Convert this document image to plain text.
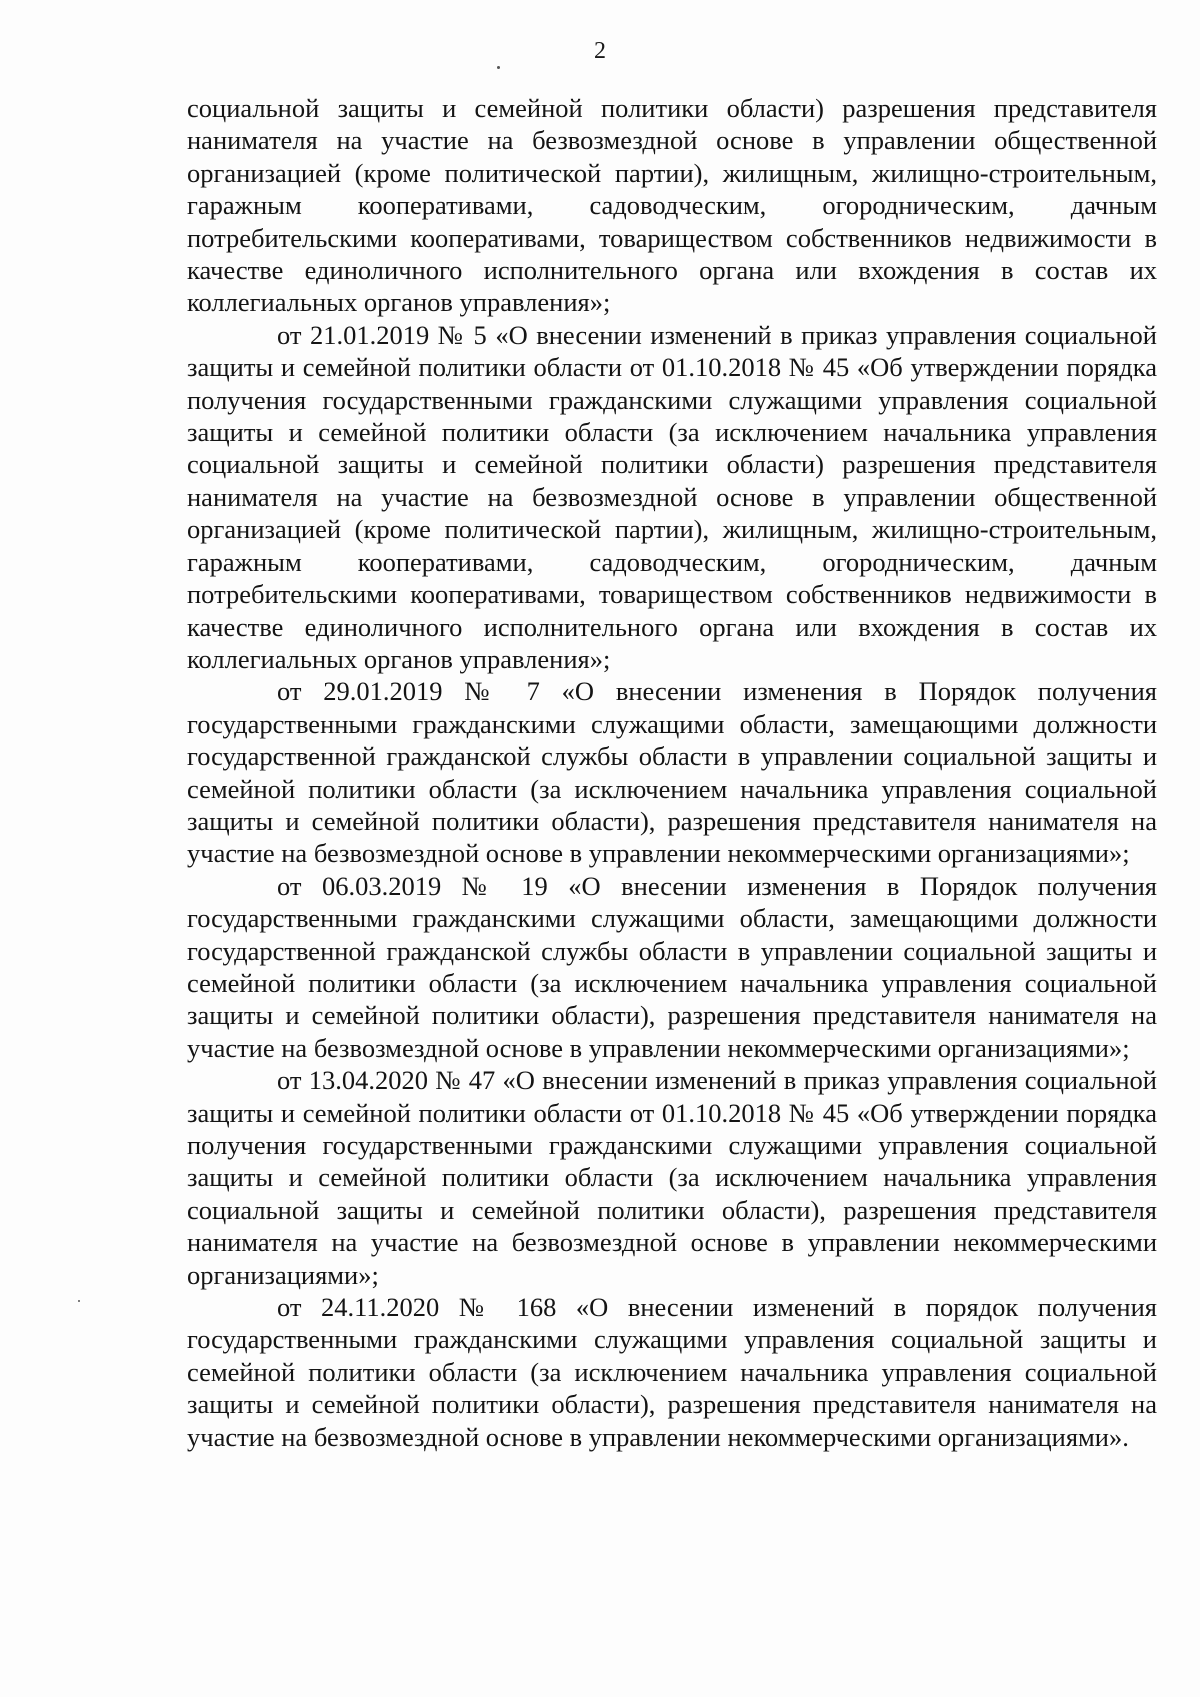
2

социальной защиты и семейной политики области) разрешения представителя нанимателя на участие на безвозмездной основе в управлении общественной организацией (кроме политической партии), жилищным, жилищно-строительным, гаражным кооперативами, садоводческим, огородническим, дачным потребительскими кооперативами, товариществом собственников недвижимости в качестве единоличного исполнительного органа или вхождения в состав их коллегиальных органов управления»;

от 21.01.2019 № 5 «О внесении изменений в приказ управления социальной защиты и семейной политики области от 01.10.2018 № 45 «Об утверждении порядка получения государственными гражданскими служащими управления социальной защиты и семейной политики области (за исключением начальника управления социальной защиты и семейной политики области) разрешения представителя нанимателя на участие на безвозмездной основе в управлении общественной организацией (кроме политической партии), жилищным, жилищно-строительным, гаражным кооперативами, садоводческим, огородническим, дачным потребительскими кооперативами, товариществом собственников недвижимости в качестве единоличного исполнительного органа или вхождения в состав их коллегиальных органов управления»;

от 29.01.2019 № 7 «О внесении изменения в Порядок получения государственными гражданскими служащими области, замещающими должности государственной гражданской службы области в управлении социальной защиты и семейной политики области (за исключением начальника управления социальной защиты и семейной политики области), разрешения представителя нанимателя на участие на безвозмездной основе в управлении некоммерческими организациями»;

от 06.03.2019 № 19 «О внесении изменения в Порядок получения государственными гражданскими служащими области, замещающими должности государственной гражданской службы области в управлении социальной защиты и семейной политики области (за исключением начальника управления социальной защиты и семейной политики области), разрешения представителя нанимателя на участие на безвозмездной основе в управлении некоммерческими организациями»;

от 13.04.2020 № 47 «О внесении изменений в приказ управления социальной защиты и семейной политики области от 01.10.2018 № 45 «Об утверждении порядка получения государственными гражданскими служащими управления социальной защиты и семейной политики области (за исключением начальника управления социальной защиты и семейной политики области), разрешения представителя нанимателя на участие на безвозмездной основе в управлении некоммерческими организациями»;

от 24.11.2020 № 168 «О внесении изменений в порядок получения государственными гражданскими служащими управления социальной защиты и семейной политики области (за исключением начальника управления социальной защиты и семейной политики области), разрешения представителя нанимателя на участие на безвозмездной основе в управлении некоммерческими организациями».
